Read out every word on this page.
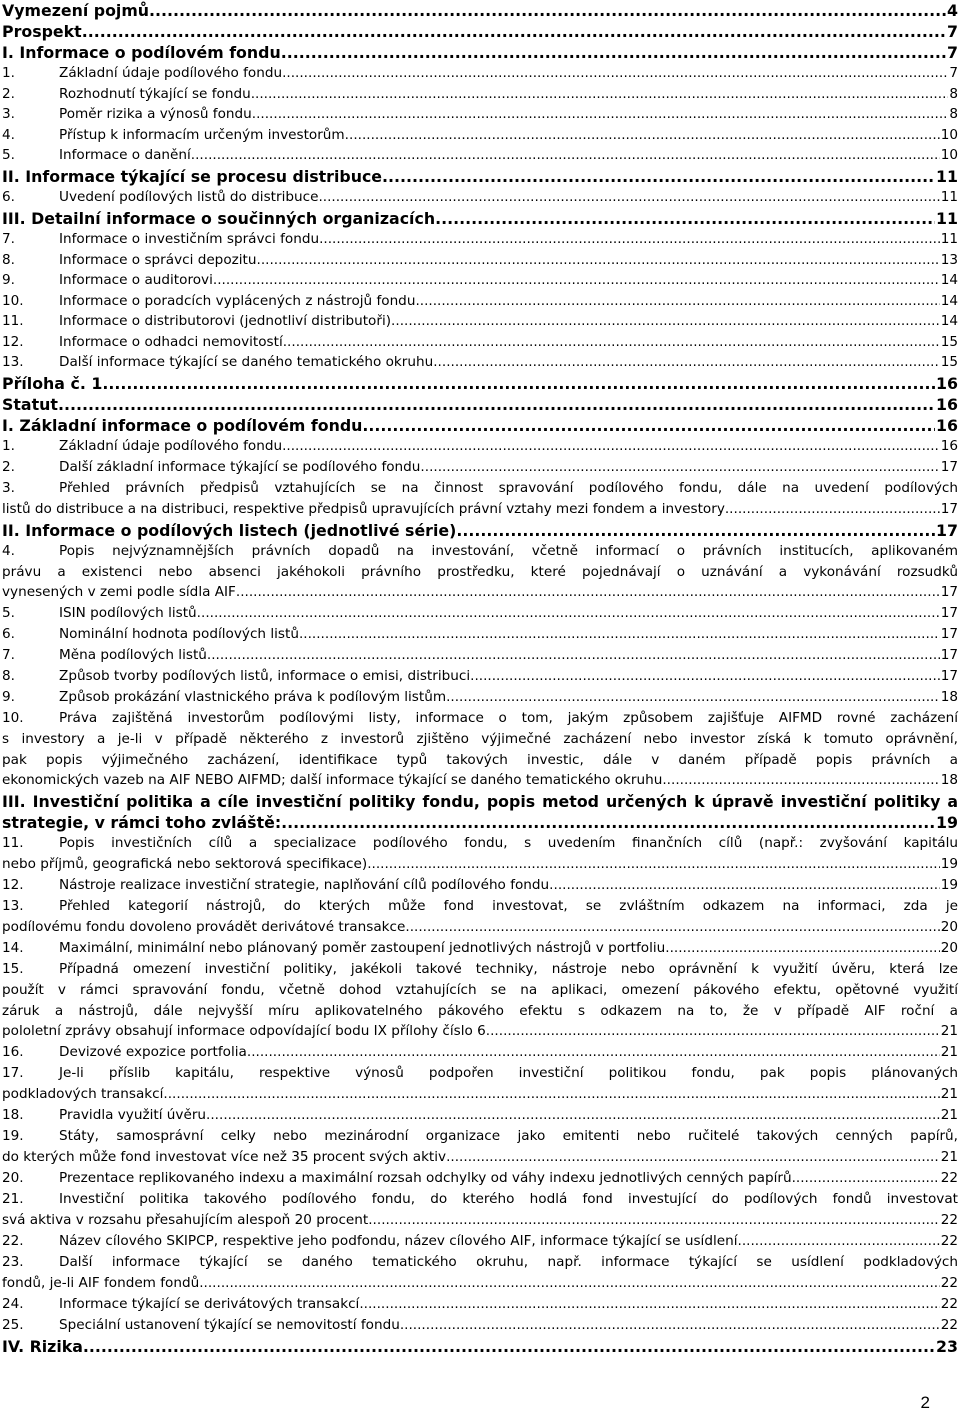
Vymezení pojmů .....	4
Prospekt .....	7
I. Informace o podílovém fondu .....	7
1.	Základní údaje podílového fondu .....	7
2.	Rozhodnutí týkající se fondu .....	8
3.	Poměr rizika a výnosů fondu .....	8
4.	Přístup k informacím určeným investorům .....	10
5.	Informace o danění .....	10
II. Informace týkající se procesu distribuce .....	11
6.	Uvedení podílových listů do distribuce .....	11
III. Detailní informace o součinných organizacích .....	11
7.	Informace o investičním správci fondu .....	11
8.	Informace o správci depozitu .....	13
9.	Informace o auditorovi .....	14
10.	Informace o poradcích vyplácených z nástrojů fondu .....	14
11.	Informace o distributorovi (jednotliví distributoři) .....	14
12.	Informace o odhadci nemovitostí .....	15
13.	Další informace týkající se daného tematického okruhu .....	15
Příloha č. 1 .....	16
Statut .....	16
I. Základní informace o podílovém fondu .....	16
1.	Základní údaje podílového fondu .....	16
2.	Další základní informace týkající se podílového fondu .....	17
3.	Přehled právních předpisů vztahujících se na činnost spravování podílového fondu, dále na uvedení podílových
listů do distribuce a na distribuci, respektive předpisů upravujících právní vztahy mezi fondem a investory .....	17
II. Informace o podílových listech (jednotlivé série) .....	17
4.	Popis nejvýznamnějších právních dopadů na investování, včetně informací o právních institucích, aplikovaném
právu a existenci nebo absenci jakéhokoli právního prostředku, které pojednávají o uznávání a vykonávání rozsudků
vynesených v zemi podle sídla AIF .....	17
5.	ISIN podílových listů .....	17
6.	Nominální hodnota podílových listů .....	17
7.	Měna podílových listů .....	17
8.	Způsob tvorby podílových listů, informace o emisi, distribuci. .....	17
9.	Způsob prokázání vlastnického práva k podílovým listům .....	18
10.	Práva zajištěná investorům podílovými listy, informace o tom, jakým způsobem zajišťuje AIFMD rovné zacházení
s investory a je-li v případě některého z investorů zjištěno výjimečné zacházení nebo investor získá k tomuto oprávnění,
pak popis výjimečného zacházení, identifikace typů takových investic, dále v daném případě popis právních a
ekonomických vazeb na AIF NEBO AIFMD; další informace týkající se daného tematického okruhu .....	18
III. Investiční politika a cíle investiční politiky fondu, popis metod určených k úpravě investiční politiky a
strategie, v rámci toho zvláště: .....	19
11.	Popis investičních cílů a specializace podílového fondu, s uvedením finančních cílů (např.: zvyšování kapitálu
nebo příjmů, geografická nebo sektorová specifikace) .....	19
12.	Nástroje realizace investiční strategie, naplňování cílů podílového fondu .....	19
13.	Přehled kategorií nástrojů, do kterých může fond investovat, se zvláštním odkazem na informaci, zda je
podílovému fondu dovoleno provádět derivátové transakce. .....	20
14.	Maximální, minimální nebo plánovaný poměr zastoupení jednotlivých nástrojů v portfoliu .....	20
15.	Případná omezení investiční politiky, jakékoli takové techniky, nástroje nebo oprávnění k využití úvěru, která lze
použít v rámci spravování fondu, včetně dohod vztahujících se na aplikaci, omezení pákového efektu, opětovné využití
záruk a nástrojů, dále nejvyšší míru aplikovatelného pákového efektu s odkazem na to, že v případě AIF roční a
pololetní zprávy obsahují informace odpovídající bodu IX přílohy číslo 6 .....	21
16.	Devizové expozice portfolia .....	21
17.	Je-li příslib kapitálu, respektive výnosů podpořen investiční politikou fondu, pak popis plánovaných
podkladových transakcí .....	21
18.	Pravidla využití úvěru .....	21
19.	Státy, samosprávní celky nebo mezinárodní organizace jako emitenti nebo ručitelé takových cenných papírů,
do kterých může fond investovat více než 35 procent svých aktiv .....	21
20.	Prezentace replikovaného indexu a maximální rozsah odchylky od váhy indexu jednotlivých cenných papírů .....	22
21.	Investiční politika takového podílového fondu, do kterého hodlá fond investující do podílových fondů investovat
svá aktiva v rozsahu přesahujícím alespoň 20 procent .....	22
22.	Název cílového SKIPCP, respektive jeho podfondu, název cílového AIF, informace týkající se usídlení .....	22
23.	Další informace týkající se daného tematického okruhu, např. informace týkající se usídlení podkladových
fondů, je-li AIF fondem fondů. .....	22
24.	Informace týkající se derivátových transakcí .....	22
25.	Speciální ustanovení týkající se nemovitostí fondu .....	22
IV. Rizika .....	23
2
